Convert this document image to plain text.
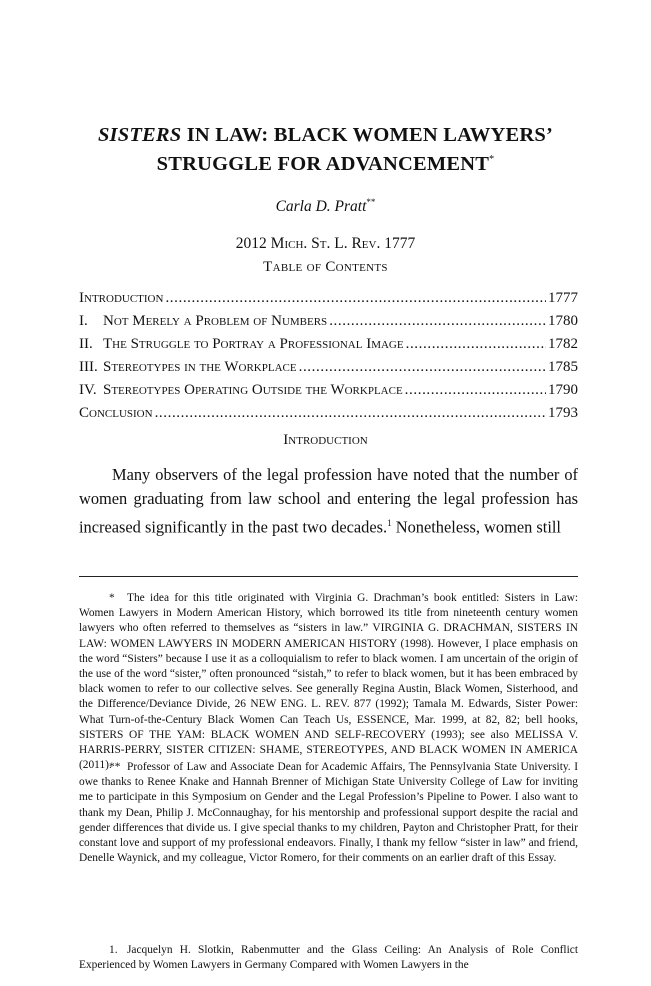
SISTERS IN LAW: BLACK WOMEN LAWYERS’
STRUGGLE FOR ADVANCEMENT*
Carla D. Pratt**
2012 Mich. St. L. Rev. 1777
Table of Contents
Introduction .....	1777
I.	Not Merely a Problem of Numbers .....	1780
II. The Struggle to Portray a Professional Image .....	1782
III. Stereotypes in the Workplace .....	1785
IV. Stereotypes Operating Outside the Workplace .....	1790
Conclusion .....	1793
Introduction

Many observers of the legal profession have noted that the number of women graduating from law school and entering the legal profession has increased significantly in the past two decades.$^1$ Nonetheless, women still

* The idea for this title originated with Virginia G. Drachman’s book entitled: Sisters in Law: Women Lawyers in Modern American History, which borrowed its title from nineteenth century women lawyers who often referred to themselves as “sisters in law.” VIRGINIA G. DRACHMAN, SISTERS IN LAW: WOMEN LAWYERS IN MODERN AMERICAN HISTORY (1998). However, I place emphasis on the word “Sisters” because I use it as a colloquialism to refer to black women. I am uncertain of the origin of the use of the word “sister,” often pronounced “sistah,” to refer to black women, but it has been embraced by black women to refer to our collective selves. See generally Regina Austin, Black Women, Sisterhood, and the Difference/Deviance Divide, 26 NEW ENG. L. REV. 877 (1992); Tamala M. Edwards, Sister Power: What Turn-of-the-Century Black Women Can Teach Us, ESSENCE, Mar. 1999, at 82, 82; bell hooks, SISTERS OF THE YAM: BLACK WOMEN AND SELF-RECOVERY (1993); see also MELISSA V. HARRIS-PERRY, SISTER CITIZEN: SHAME, STEREOTYPES, AND BLACK WOMEN IN AMERICA (2011).

** Professor of Law and Associate Dean for Academic Affairs, The Pennsylvania State University. I owe thanks to Renee Knake and Hannah Brenner of Michigan State University College of Law for inviting me to participate in this Symposium on Gender and the Legal Profession’s Pipeline to Power. I also want to thank my Dean, Philip J. McConnaughay, for his mentorship and professional support despite the racial and gender differences that divide us. I give special thanks to my children, Payton and Christopher Pratt, for their constant love and support of my professional endeavors. Finally, I thank my fellow “sister in law” and friend, Denelle Waynick, and my colleague, Victor Romero, for their comments on an earlier draft of this Essay.

1. Jacquelyn H. Slotkin, Rabenmutter and the Glass Ceiling: An Analysis of Role Conflict Experienced by Women Lawyers in Germany Compared with Women Lawyers in the
